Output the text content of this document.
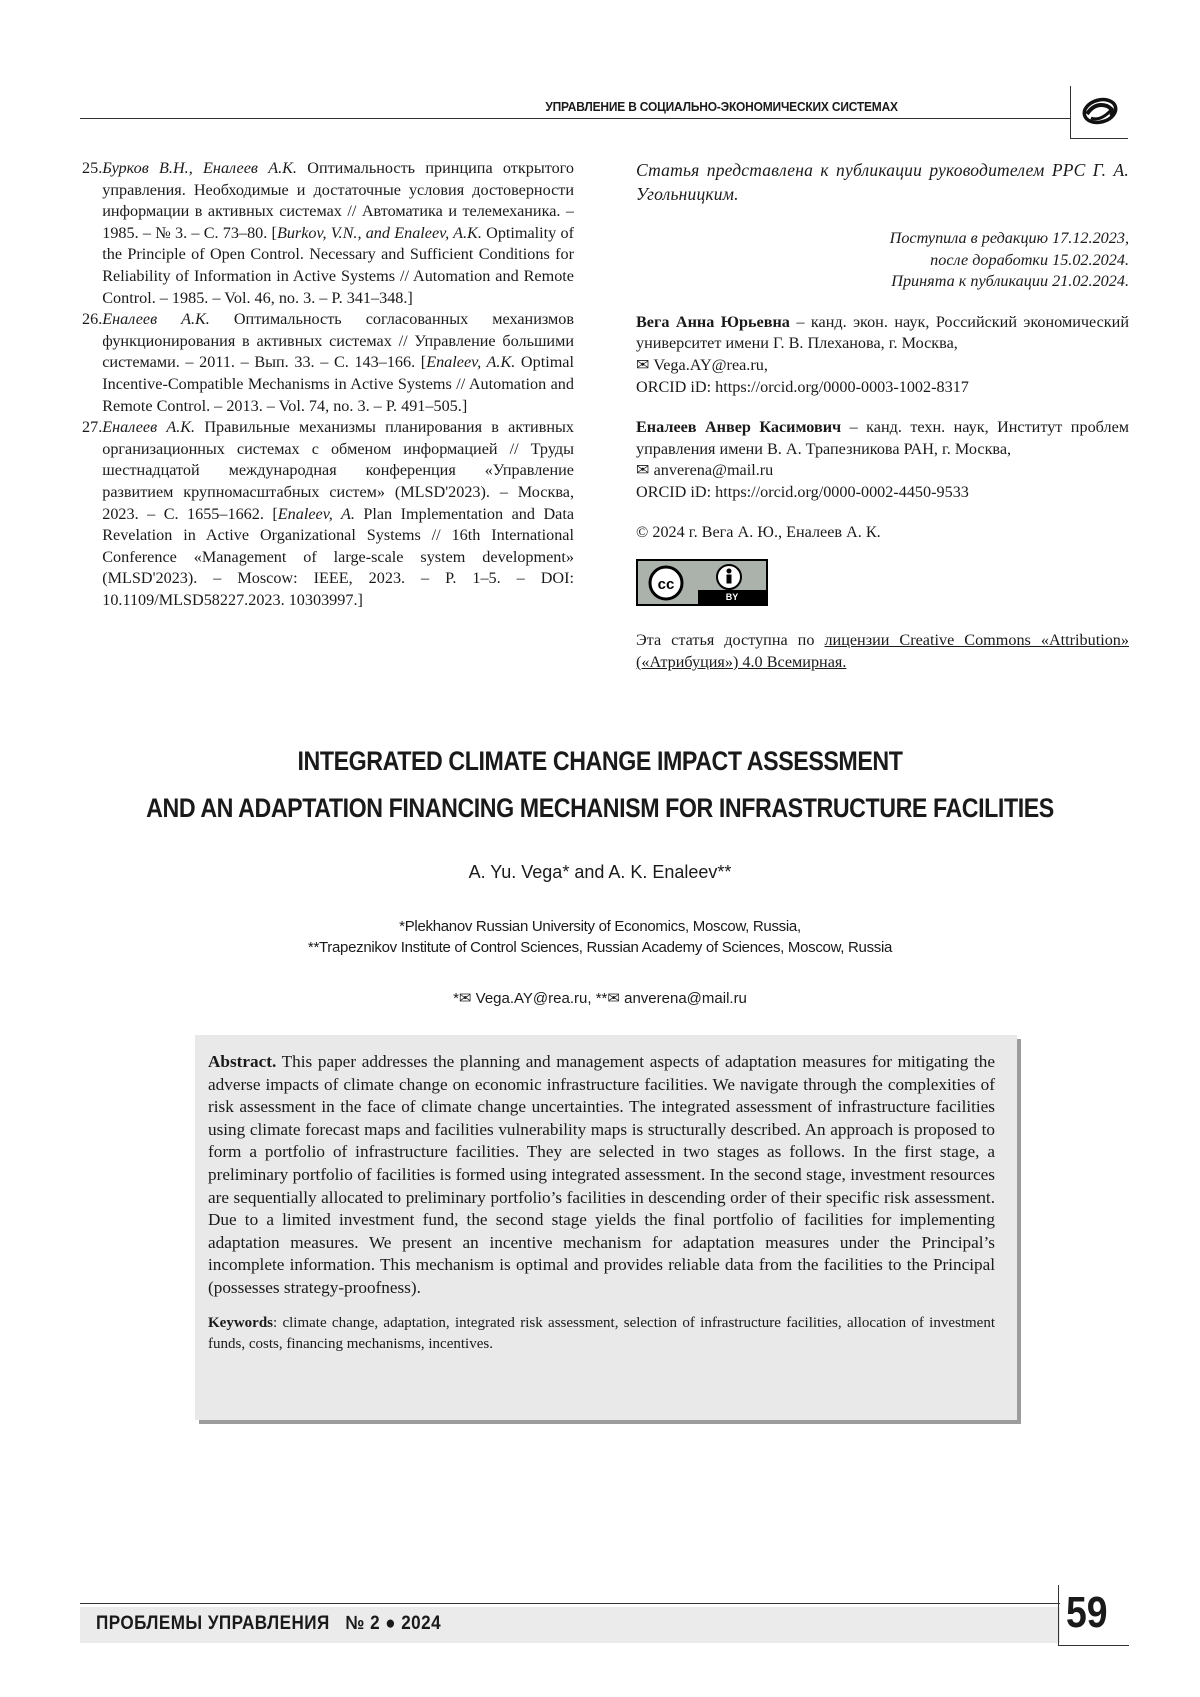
УПРАВЛЕНИЕ В СОЦИАЛЬНО-ЭКОНОМИЧЕСКИХ СИСТЕМАХ
25. Бурков В.Н., Еналеев А.К. Оптимальность принципа открытого управления. Необходимые и достаточные условия достоверности информации в активных системах // Автоматика и телемеханика. – 1985. – № 3. – С. 73–80. [Burkov, V.N., and Enaleev, A.K. Optimality of the Principle of Open Control. Necessary and Sufficient Conditions for Reliability of Information in Active Systems // Automation and Remote Control. – 1985. – Vol. 46, no. 3. – P. 341–348.]
26. Еналеев А.К. Оптимальность согласованных механизмов функционирования в активных системах // Управление большими системами. – 2011. – Вып. 33. – С. 143–166. [Enaleev, A.K. Optimal Incentive-Compatible Mechanisms in Active Systems // Automation and Remote Control. – 2013. – Vol. 74, no. 3. – P. 491–505.]
27. Еналеев А.К. Правильные механизмы планирования в активных организационных системах с обменом информацией // Труды шестнадцатой международная конференция «Управление развитием крупномасштабных систем» (MLSD'2023). – Москва, 2023. – С. 1655–1662. [Enaleev, A. Plan Implementation and Data Revelation in Active Organizational Systems // 16th International Conference «Management of large-scale system development» (MLSD'2023). – Moscow: IEEE, 2023. – P. 1–5. – DOI: 10.1109/MLSD58227.2023. 10303997.]
Статья представлена к публикации руководителем РРС Г. А. Угольницким.
Поступила в редакцию 17.12.2023,
после доработки 15.02.2024.
Принята к публикации 21.02.2024.
Вега Анна Юрьевна – канд. экон. наук, Российский экономический университет имени Г. В. Плеханова, г. Москва,
✉ Vega.AY@rea.ru,
ORCID iD: https://orcid.org/0000-0003-1002-8317
Еналеев Анвер Касимович – канд. техн. наук, Институт проблем управления имени В. А. Трапезникова РАН, г. Москва,
✉ anverena@mail.ru
ORCID iD: https://orcid.org/0000-0002-4450-9533
© 2024 г. Вега А. Ю., Еналеев А. К.
cc
BY
Эта статья доступна по лицензии Creative Commons «Attribution» («Атрибуция») 4.0 Всемирная.
INTEGRATED CLIMATE CHANGE IMPACT ASSESSMENT
AND AN ADAPTATION FINANCING MECHANISM FOR INFRASTRUCTURE FACILITIES
A. Yu. Vega* and A. K. Enaleev**
*Plekhanov Russian University of Economics, Moscow, Russia,
**Trapeznikov Institute of Control Sciences, Russian Academy of Sciences, Moscow, Russia
*✉ Vega.AY@rea.ru, **✉ anverena@mail.ru
Abstract. This paper addresses the planning and management aspects of adaptation measures for mitigating the adverse impacts of climate change on economic infrastructure facilities. We navigate through the complexities of risk assessment in the face of climate change uncertainties. The integrated assessment of infrastructure facilities using climate forecast maps and facilities vulnerability maps is structurally described. An approach is proposed to form a portfolio of infrastructure facilities. They are selected in two stages as follows. In the first stage, a preliminary portfolio of facilities is formed using integrated assessment. In the second stage, investment resources are sequentially allocated to preliminary portfolio’s facilities in descending order of their specific risk assessment. Due to a limited investment fund, the second stage yields the final portfolio of facilities for implementing adaptation measures. We present an incentive mechanism for adaptation measures under the Principal’s incomplete information. This mechanism is optimal and provides reliable data from the facilities to the Principal (possesses strategy-proofness).
Keywords: climate change, adaptation, integrated risk assessment, selection of infrastructure facilities, allocation of investment funds, costs, financing mechanisms, incentives.
ПРОБЛЕМЫ УПРАВЛЕНИЯ   № 2 ● 2024	59
